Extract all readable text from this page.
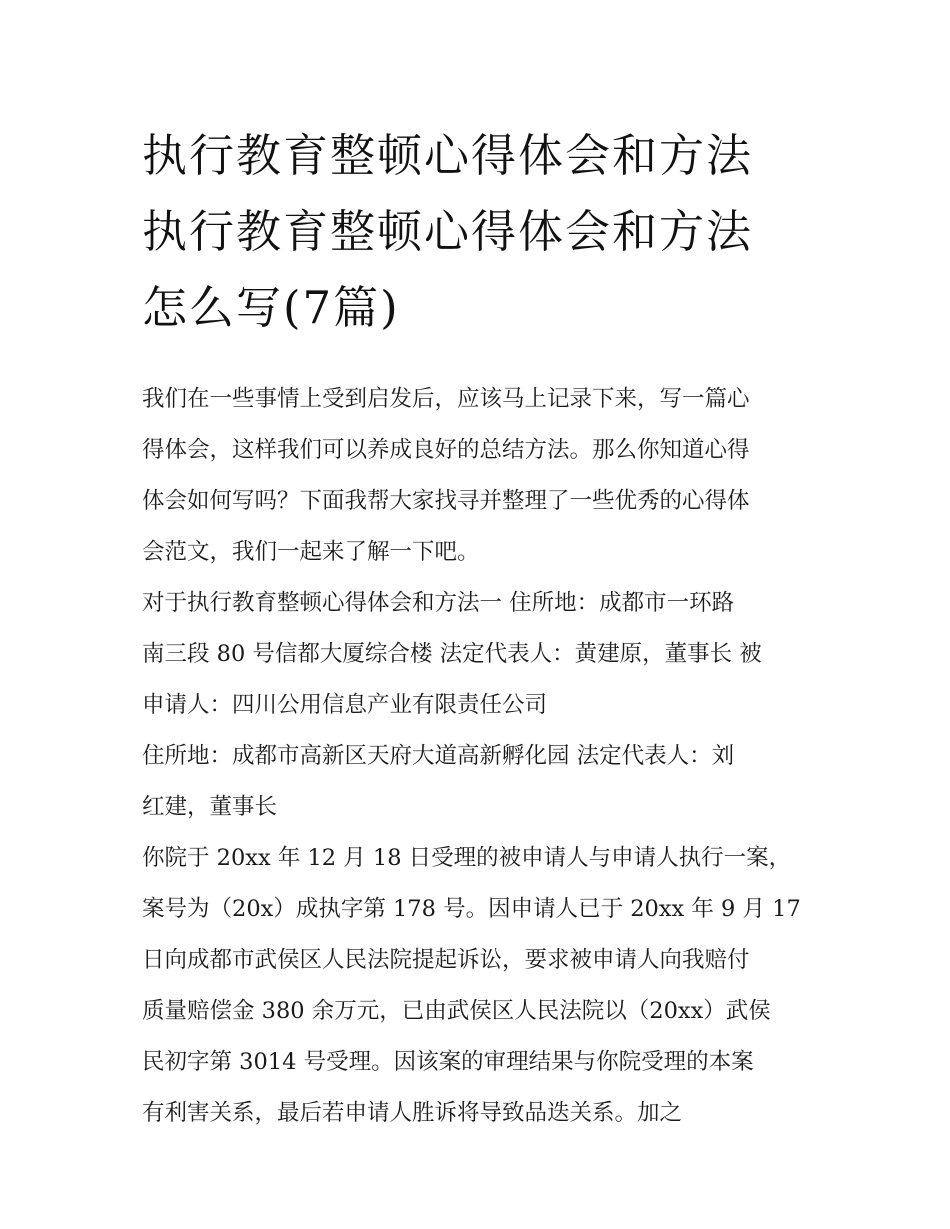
执行教育整顿心得体会和方法
执行教育整顿心得体会和方法
怎么写(7篇)

我们在一些事情上受到启发后，应该马上记录下来，写一篇心
得体会，这样我们可以养成良好的总结方法。那么你知道心得
体会如何写吗？下面我帮大家找寻并整理了一些优秀的心得体
会范文，我们一起来了解一下吧。

对于执行教育整顿心得体会和方法一 住所地：成都市一环路
南三段 80 号信都大厦综合楼 法定代表人：黄建原，董事长 被
申请人：四川公用信息产业有限责任公司

住所地：成都市高新区天府大道高新孵化园 法定代表人：刘
红建，董事长

你院于 20xx 年 12 月 18 日受理的被申请人与申请人执行一案，
案号为（20x）成执字第 178 号。因申请人已于 20xx 年 9 月 17
日向成都市武侯区人民法院提起诉讼，要求被申请人向我赔付
质量赔偿金 380 余万元，已由武侯区人民法院以（20xx）武侯
民初字第 3014 号受理。因该案的审理结果与你院受理的本案
有利害关系，最后若申请人胜诉将导致品迭关系。加之
